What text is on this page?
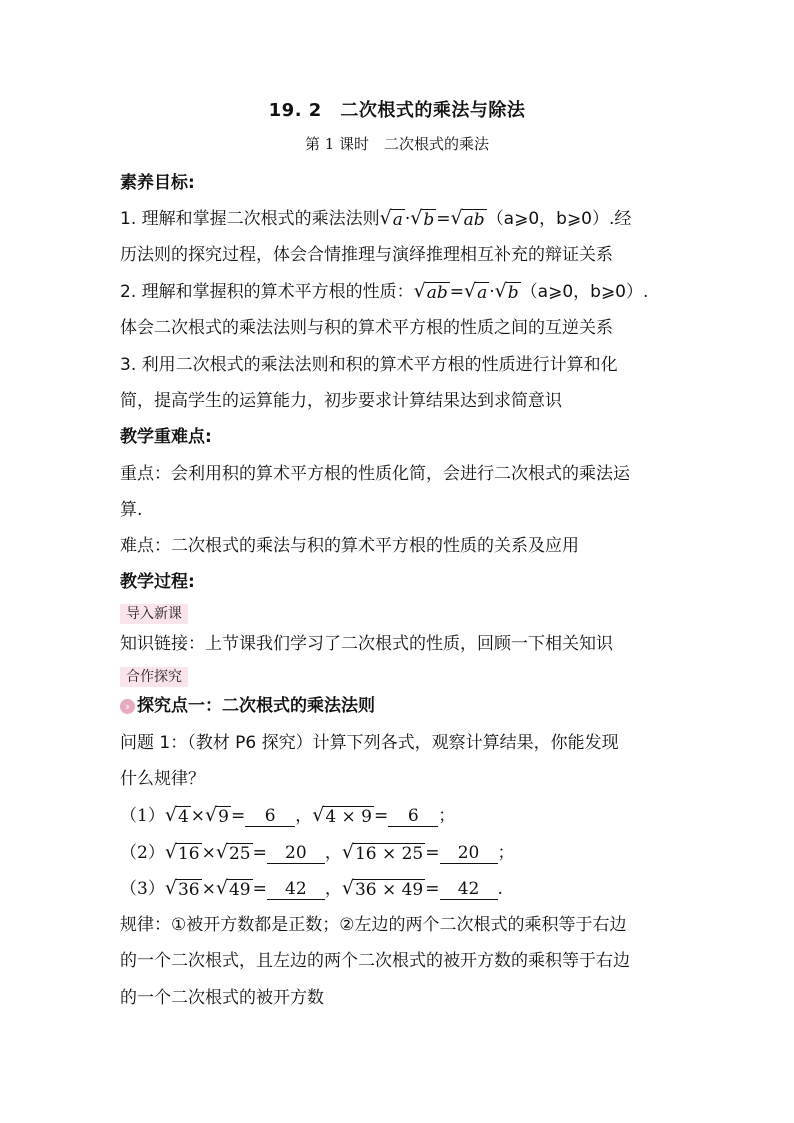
19. 2　二次根式的乘法与除法
第 1 课时　二次根式的乘法
素养目标:
1. 理解和掌握二次根式的乘法法则 √ a · √ b = √ ab （a⩾0，b⩾0）.经
历法则的探究过程，体会合情推理与演绎推理相互补充的辩证关系
2. 理解和掌握积的算术平方根的性质： √ ab = √ a · √ b （a⩾0，b⩾0）.
体会二次根式的乘法法则与积的算术平方根的性质之间的互逆关系
3. 利用二次根式的乘法法则和积的算术平方根的性质进行计算和化
简，提高学生的运算能力，初步要求计算结果达到求简意识
教学重难点:
重点：会利用积的算术平方根的性质化简，会进行二次根式的乘法运
算.
难点：二次根式的乘法与积的算术平方根的性质的关系及应用
教学过程:
导入新课
知识链接：上节课我们学习了二次根式的性质，回顾一下相关知识
合作探究
› 探究点一：二次根式的乘法法则
问题 1：（教材 P6 探究）计算下列各式，观察计算结果，你能发现
什么规律？
（1） √ 4 × √ 9 = 6 ， √ 4 × 9 = 6 ；
（2） √ 16 × √ 25 = 20 ， √ 16 × 25 = 20 ；
（3） √ 36 × √ 49 = 42 ， √ 36 × 49 = 42 .
规律：①被开方数都是正数；②左边的两个二次根式的乘积等于右边
的一个二次根式，且左边的两个二次根式的被开方数的乘积等于右边
的一个二次根式的被开方数
